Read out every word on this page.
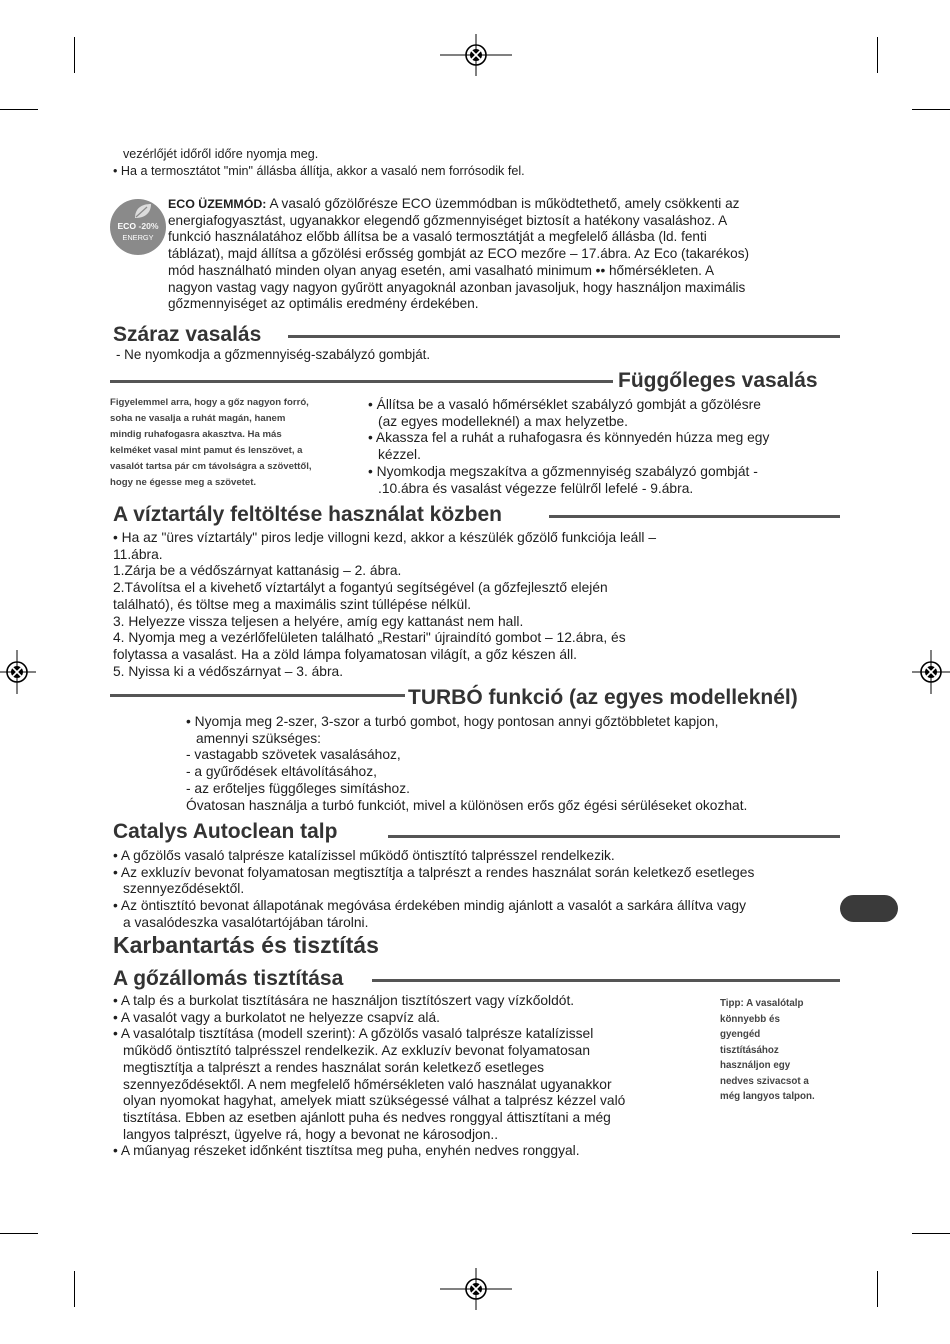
vezérlőjét időről időre nyomja meg.

• Ha a termosztátot "min" állásba állítja, akkor a vasaló nem forrósodik fel.

ECO -20%
ENERGY

ECO ÜZEMMÓD: A vasaló gőzölőrésze ECO üzemmódban is működtethető, amely csökkenti az

energiafogyasztást, ugyanakkor elegendő gőzmennyiséget biztosít a hatékony vasaláshoz. A

funkció használatához előbb állítsa be a vasaló termosztátját a megfelelő állásba (ld. fenti

táblázat), majd állítsa a gőzölési erősség gombját az ECO mezőre – 17.ábra. Az Eco (takarékos)

mód használható minden olyan anyag esetén, ami vasalható minimum •• hőmérsékleten. A

nagyon vastag vagy nagyon gyűrött anyagoknál azonban javasoljuk, hogy használjon maximális

gőzmennyiséget az optimális eredmény érdekében.

Száraz vasalás

- Ne nyomkodja a gőzmennyiség-szabályzó gombját.

Függőleges vasalás

Figyelemmel arra, hogy a gőz nagyon forró,

soha ne vasalja a ruhát magán, hanem

mindig ruhafogasra akasztva. Ha más

kelméket vasal mint pamut és lenszövet, a

vasalót tartsa pár cm távolságra a szövettől,

hogy ne égesse meg a szövetet.

• Állítsa be a vasaló hőmérséklet szabályzó gombját a gőzölésre

(az egyes modelleknél) a max helyzetbe.

• Akassza fel a ruhát a ruhafogasra és könnyedén húzza meg egy

kézzel.

• Nyomkodja megszakítva a gőzmennyiség szabályzó gombját -

.10.ábra és vasalást végezze felülről lefelé - 9.ábra.

A víztartály feltöltése használat közben

• Ha az "üres víztartály" piros ledje villogni kezd, akkor a készülék gőzölő funkciója leáll –

11.ábra.

1.Zárja be a védőszárnyat kattanásig – 2. ábra.

2.Távolítsa el a kivehető víztartályt a fogantyú segítségével (a gőzfejlesztő elején

található), és töltse meg a maximális szint túllépése nélkül.

3. Helyezze vissza teljesen a helyére, amíg egy kattanást nem hall.

4. Nyomja meg a vezérlőfelületen található „Restari" újraindító gombot – 12.ábra, és

folytassa a vasalást. Ha a zöld lámpa folyamatosan világít, a gőz készen áll.

5. Nyissa ki a védőszárnyat – 3. ábra.

TURBÓ funkció (az egyes modelleknél)

• Nyomja meg 2-szer, 3-szor a turbó gombot, hogy pontosan annyi gőztöbbletet kapjon,

amennyi szükséges:

- vastagabb szövetek vasalásához,

- a gyűrődések eltávolításához,

- az erőteljes függőleges simításhoz.

Óvatosan használja a turbó funkciót, mivel a különösen erős gőz égési sérüléseket okozhat.

Catalys Autoclean talp

• A gőzölős vasaló talprésze katalízissel működő öntisztító talprésszel rendelkezik.

• Az exkluzív bevonat folyamatosan megtisztítja a talprészt a rendes használat során keletkező esetleges

szennyeződésektől.

• Az öntisztító bevonat állapotának megóvása érdekében mindig ajánlott a vasalót a sarkára állítva vagy

a vasalódeszka vasalótartójában tárolni.

Karbantartás és tisztítás
A gőzállomás tisztítása

• A talp és a burkolat tisztítására ne használjon tisztítószert vagy vízkőoldót.

• A vasalót vagy a burkolatot ne helyezze csapvíz alá.

• A vasalótalp tisztítása (modell szerint): A gőzölős vasaló talprésze katalízissel

működő öntisztító talprésszel rendelkezik. Az exkluzív bevonat folyamatosan

megtisztítja a talprészt a rendes használat során keletkező esetleges

szennyeződésektől. A nem megfelelő hőmérsékleten való használat ugyanakkor

olyan nyomokat hagyhat, amelyek miatt szükségessé válhat a talprész kézzel való

tisztítása. Ebben az esetben ajánlott puha és nedves ronggyal áttisztítani a még

langyos talprészt, ügyelve rá, hogy a bevonat ne károsodjon..

• A műanyag részeket időnként tisztítsa meg puha, enyhén nedves ronggyal.

Tipp: A vasalótalp

könnyebb és

gyengéd

tisztításához

használjon egy

nedves szivacsot a

még langyos talpon.
